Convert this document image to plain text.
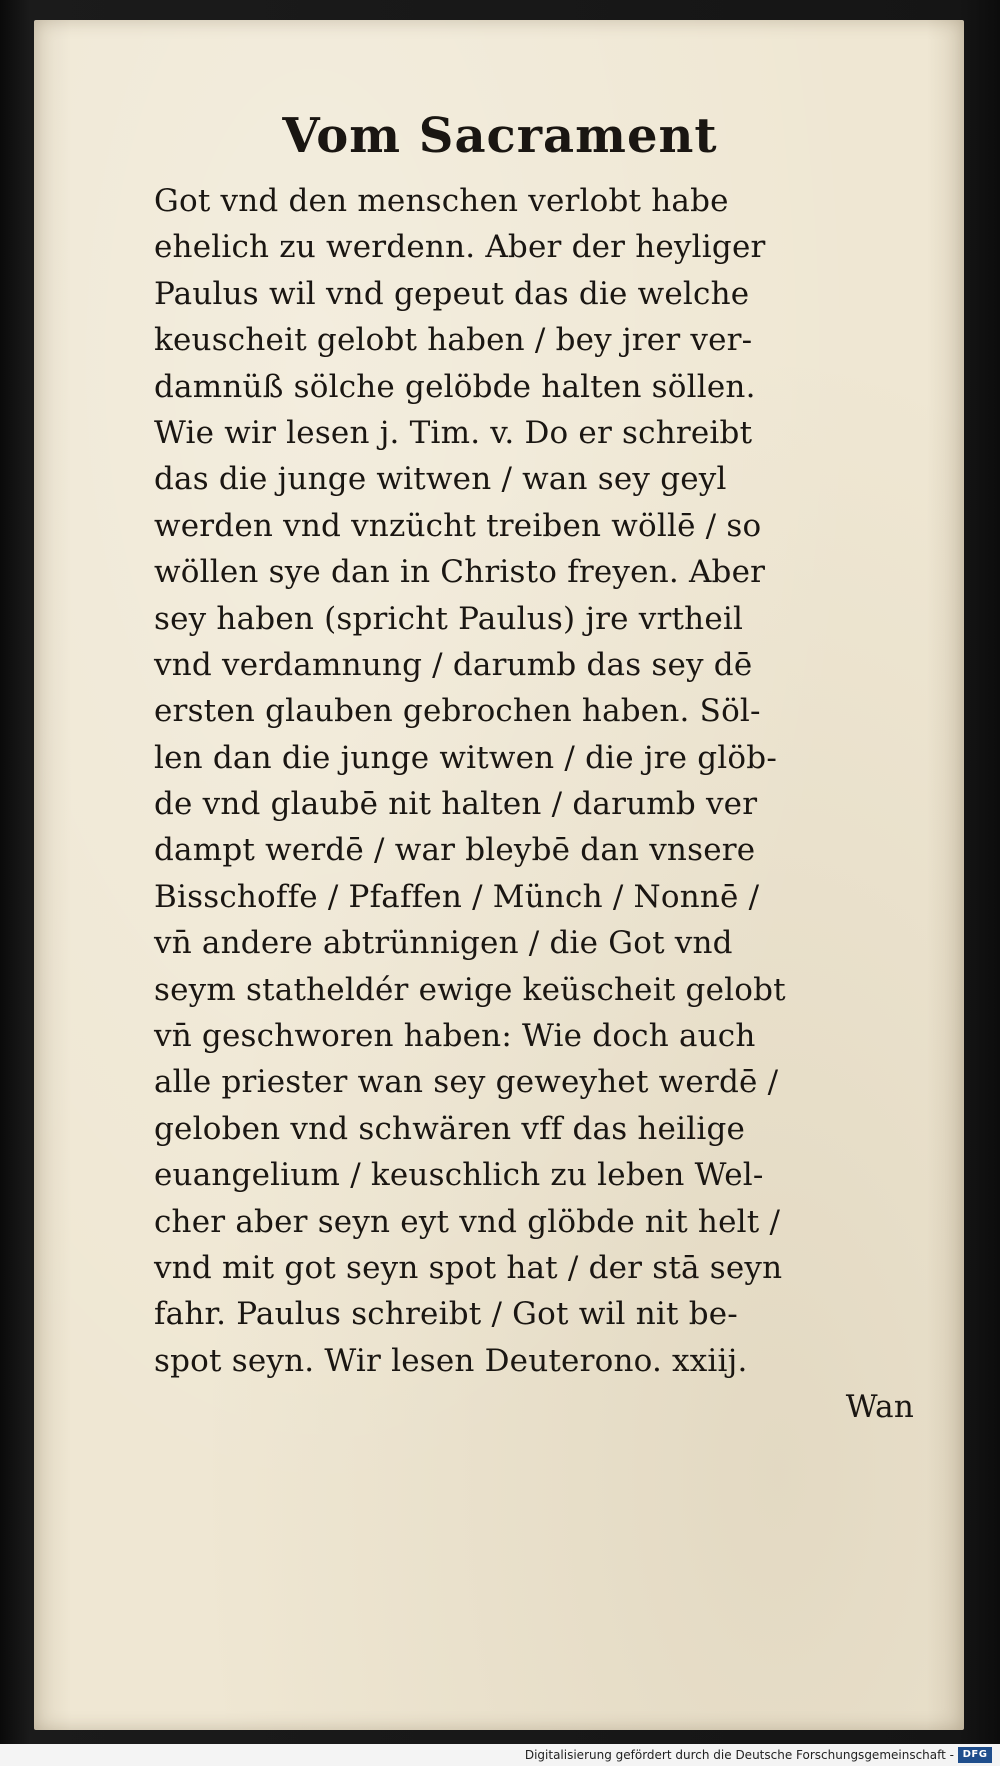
Vom Sacrament
Got vnd den menschen verlobt habe
ehelich zu werdenn. Aber der heyliger
Paulus wil vnd gepeut das die welche
keuscheit gelobt haben / bey jrer ver-
damnüß sölche gelöbde halten söllen.
Wie wir lesen j. Tim. v. Do er schreibt
das die junge witwen / wan sey geyl
werden vnd vnzücht treiben wöllē / so
wöllen sye dan in Christo freyen. Aber
sey haben (spricht Paulus) jre vrtheil
vnd verdamnung / darumb das sey dē
ersten glauben gebrochen haben. Söl-
len dan die junge witwen / die jre glöb-
de vnd glaubē nit halten / darumb ver
dampt werdē / war bleybē dan vnsere
Bisschoffe / Pfaffen / Münch / Nonnē /
vn̄ andere abtrünnigen / die Got vnd
seym statheldér ewige keüscheit gelobt
vn̄ geschworen haben: Wie doch auch
alle priester wan sey geweyhet werdē /
geloben vnd schwären vff das heilige
euangelium / keuschlich zu leben Wel-
cher aber seyn eyt vnd glöbde nit helt /
vnd mit got seyn spot hat / der stā seyn
fahr. Paulus schreibt / Got wil nit be-
spot seyn. Wir lesen Deuterono. xxiij.
Wan
Digitalisierung gefördert durch die Deutsche Forschungsgemeinschaft - DFG
